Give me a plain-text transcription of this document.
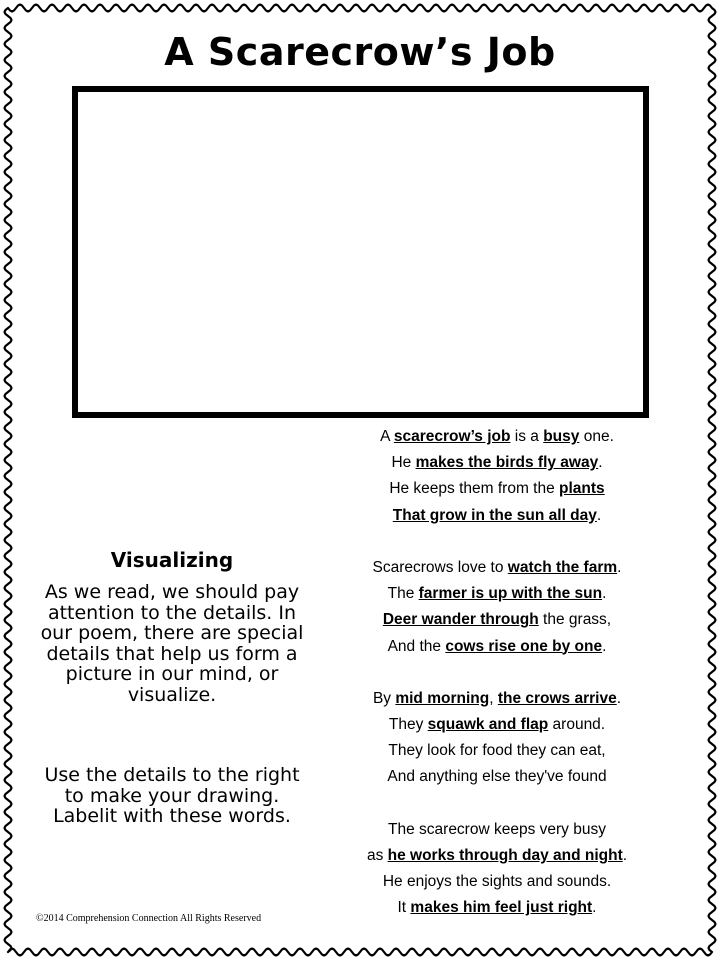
A Scarecrow’s Job
Visualizing
As we read, we should pay attention to the details. In our poem, there are special details that help us form a picture in our mind, or visualize.
Use the details to the right to make your drawing. Labelit with these words.
A scarecrow’s job is a busy one.
He makes the birds fly away.
He keeps them from the plants
That grow in the sun all day.
Scarecrows love to watch the farm.
The farmer is up with the sun.
Deer wander through the grass,
And the cows rise one by one.
By mid morning, the crows arrive.
They squawk and flap around.
They look for food they can eat,
And anything else they've found
The scarecrow keeps very busy
as he works through day and night.
He enjoys the sights and sounds.
It makes him feel just right.
©2014 Comprehension Connection All Rights Reserved
